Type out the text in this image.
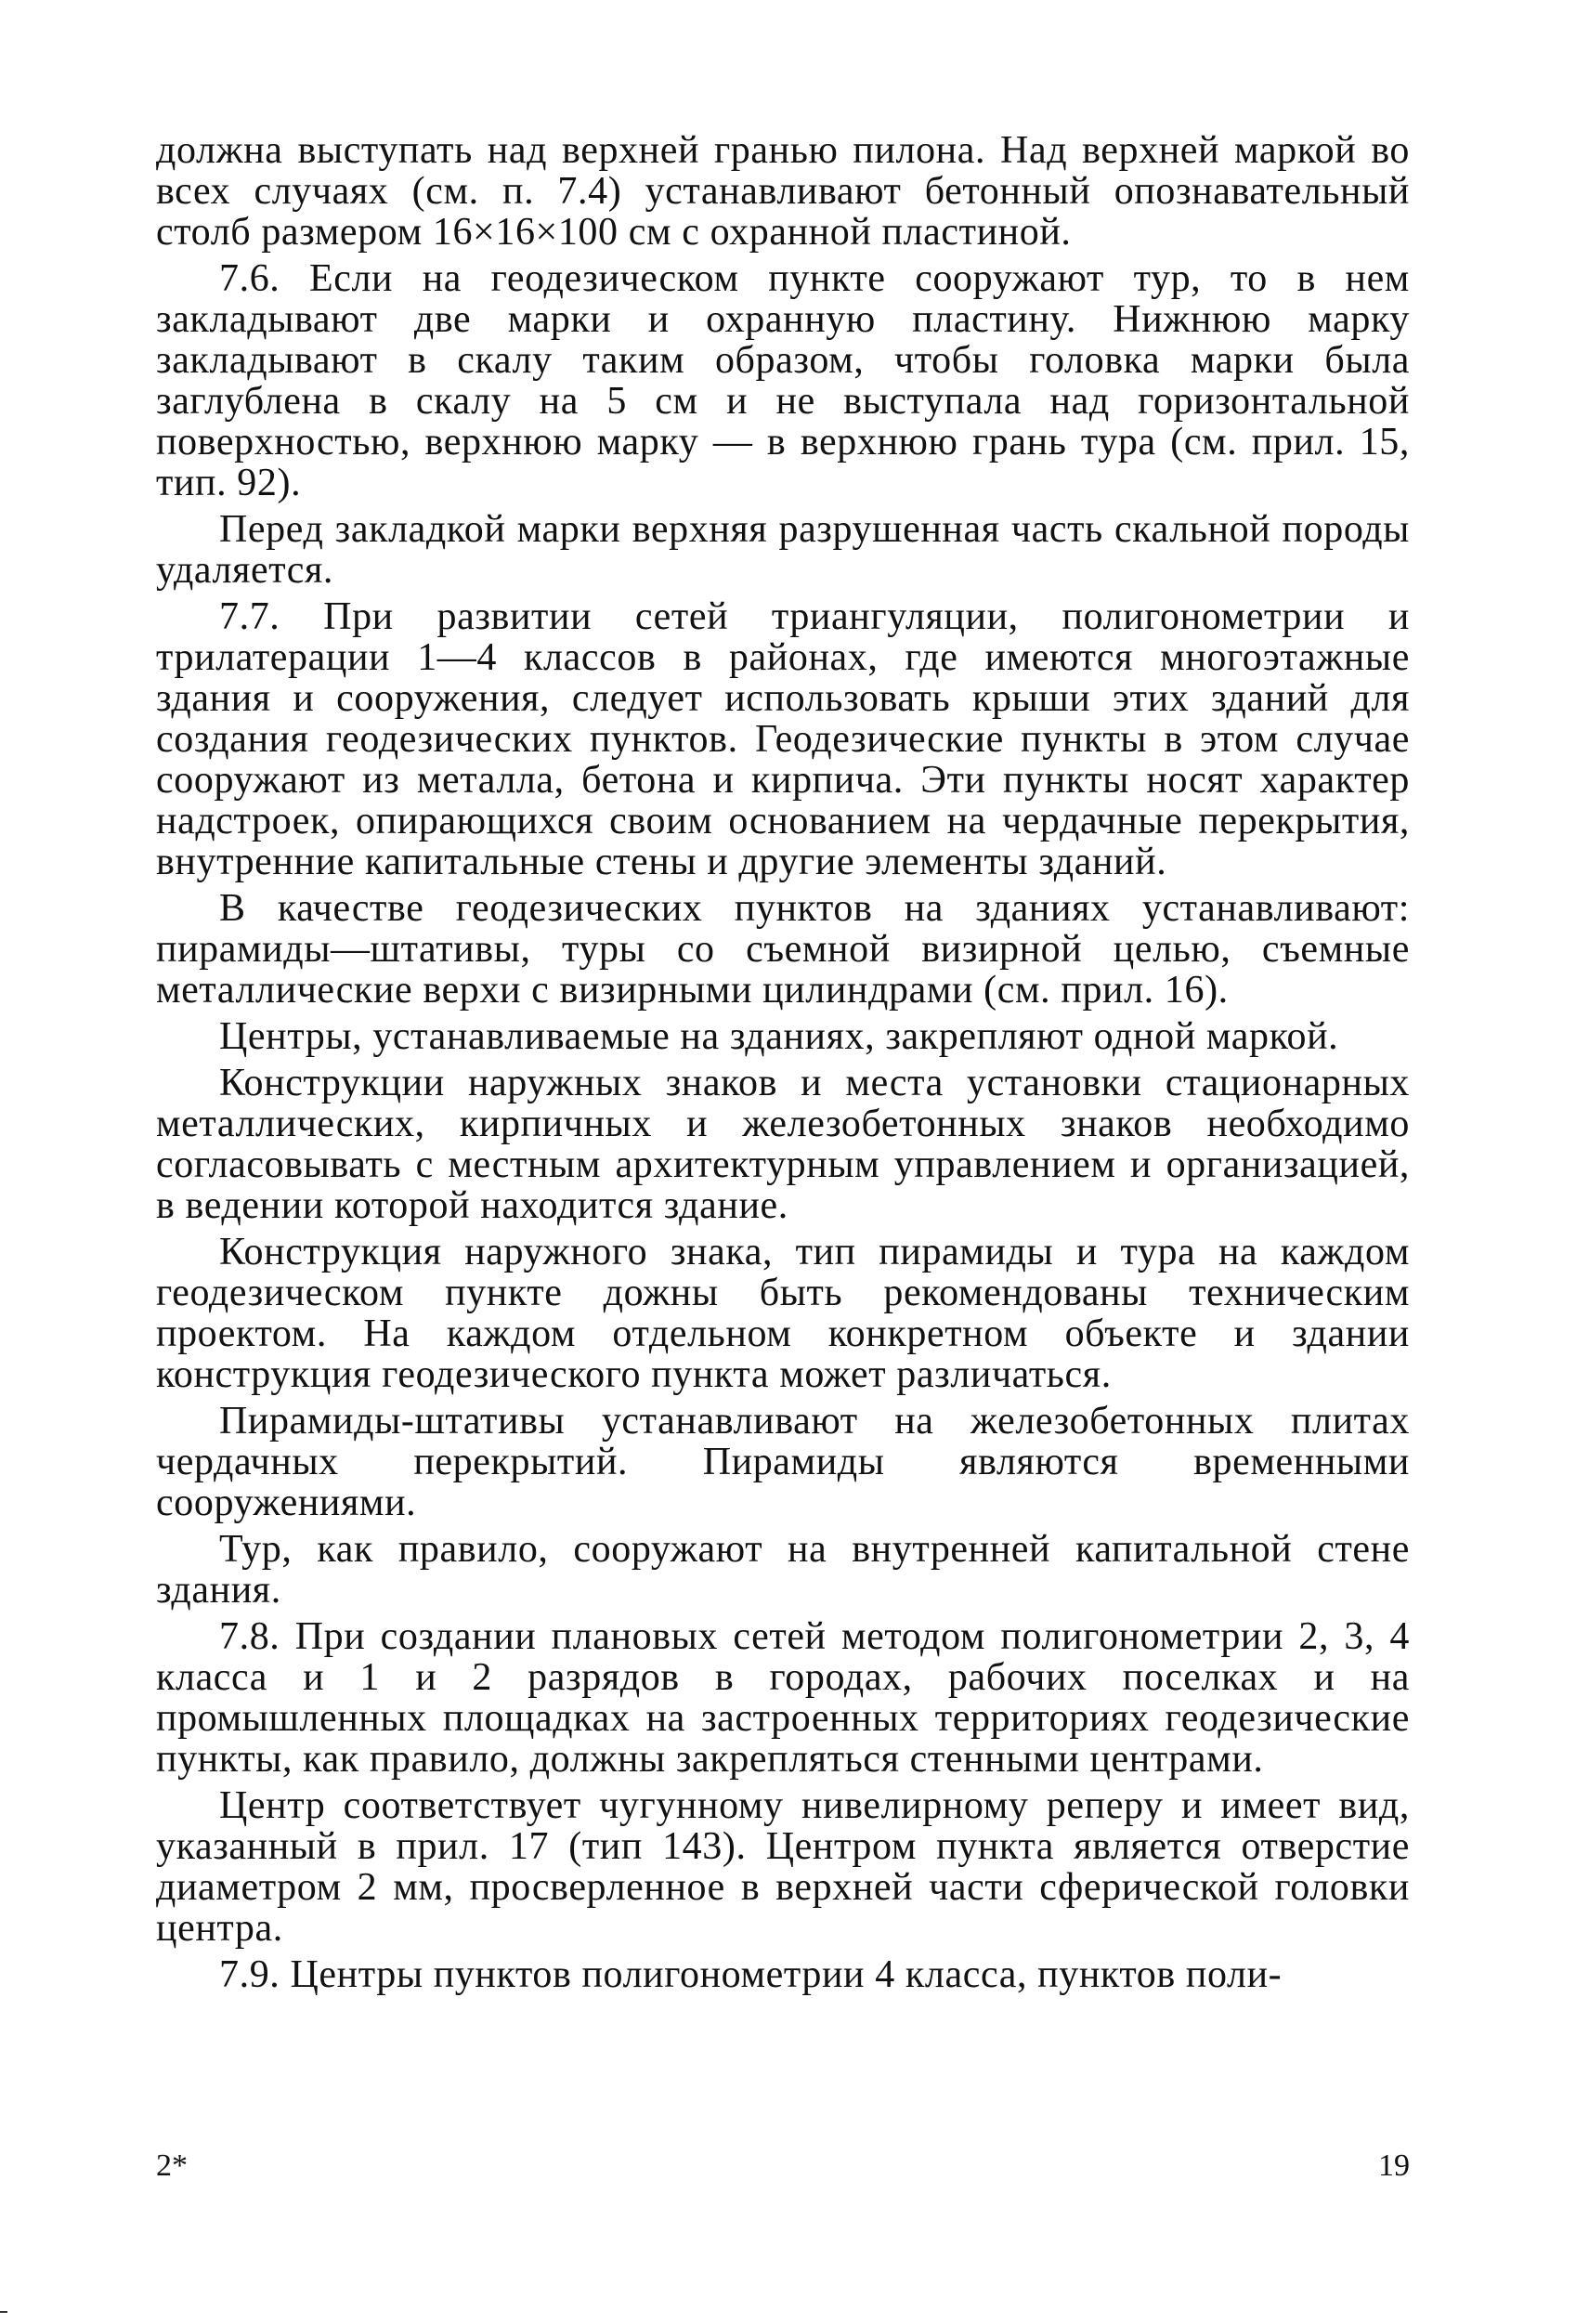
должна выступать над верхней гранью пилона. Над верхней маркой во всех случаях (см. п. 7.4) устанавливают бетонный опознавательный столб размером 16×16×100 см с охранной пластиной.

7.6. Если на геодезическом пункте сооружают тур, то в нем закладывают две марки и охранную пластину. Нижнюю марку закладывают в скалу таким образом, чтобы головка марки была заглублена в скалу на 5 см и не выступала над горизонтальной поверхностью, верхнюю марку — в верхнюю грань тура (см. прил. 15, тип. 92).

Перед закладкой марки верхняя разрушенная часть скальной породы удаляется.

7.7. При развитии сетей триангуляции, полигонометрии и трилатерации 1—4 классов в районах, где имеются многоэтажные здания и сооружения, следует использовать крыши этих зданий для создания геодезических пунктов. Геодезические пункты в этом случае сооружают из металла, бетона и кирпича. Эти пункты носят характер надстроек, опирающихся своим основанием на чердачные перекрытия, внутренние капитальные стены и другие элементы зданий.

В качестве геодезических пунктов на зданиях устанавливают: пирамиды—штативы, туры со съемной визирной целью, съемные металлические верхи с визирными цилиндрами (см. прил. 16).

Центры, устанавливаемые на зданиях, закрепляют одной маркой.

Конструкции наружных знаков и места установки стационарных металлических, кирпичных и железобетонных знаков необходимо согласовывать с местным архитектурным управлением и организацией, в ведении которой находится здание.

Конструкция наружного знака, тип пирамиды и тура на каждом геодезическом пункте дожны быть рекомендованы техническим проектом. На каждом отдельном конкретном объекте и здании конструкция геодезического пункта может различаться.

Пирамиды-штативы устанавливают на железобетонных плитах чердачных перекрытий. Пирамиды являются временными сооружениями.

Тур, как правило, сооружают на внутренней капитальной стене здания.

7.8. При создании плановых сетей методом полигонометрии 2, 3, 4 класса и 1 и 2 разрядов в городах, рабочих поселках и на промышленных площадках на застроенных территориях геодезические пункты, как правило, должны закрепляться стенными центрами.

Центр соответствует чугунному нивелирному реперу и имеет вид, указанный в прил. 17 (тип 143). Центром пункта является отверстие диаметром 2 мм, просверленное в верхней части сферической головки центра.

7.9. Центры пунктов полигонометрии 4 класса, пунктов поли-

2*	19
